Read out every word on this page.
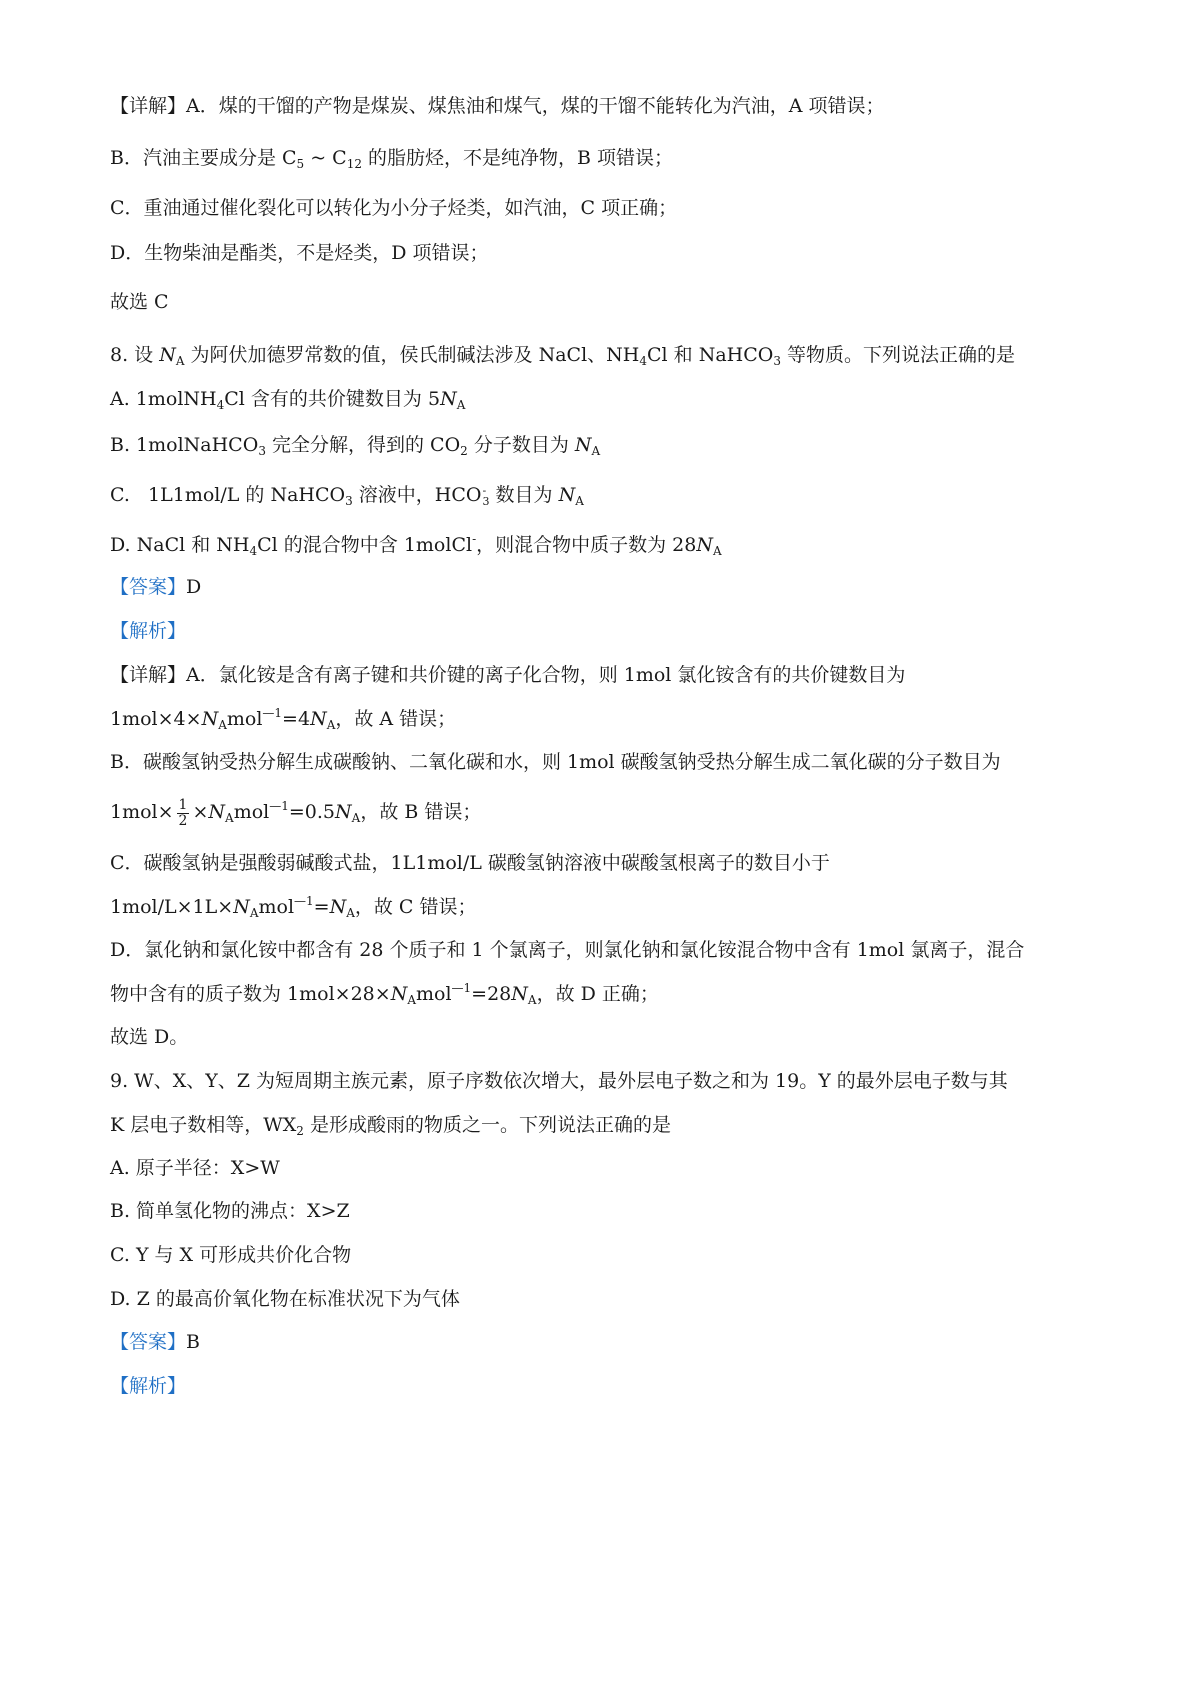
【详解】A．煤的干馏的产物是煤炭、煤焦油和煤气，煤的干馏不能转化为汽油，A 项错误；
B．汽油主要成分是 $C_5$ ~ $C_{12}$ 的脂肪烃，不是纯净物，B 项错误；
C．重油通过催化裂化可以转化为小分子烃类，如汽油，C 项正确；
D．生物柴油是酯类，不是烃类，D 项错误；
故选 C
8. 设 $N_A$ 为阿伏加德罗常数的值，侯氏制碱法涉及 NaCl、$NH_4Cl$ 和 NaHCO$_3$ 等物质。下列说法正确的是
A. 1molNH$_4$Cl 含有的共价键数目为 $5N_A$
B. 1molNaHCO$_3$ 完全分解，得到的 $CO_2$ 分子数目为 $N_A$
C.   1L1mol/L 的 NaHCO$_3$ 溶液中，HCO -
3 数目为 $N_A$
D. NaCl 和 $NH_4Cl$ 的混合物中含 1molCl-，则混合物中质子数为 $28N_A$
【答案】D
【解析】
【详解】A．氯化铵是含有离子键和共价键的离子化合物，则 1mol 氯化铵含有的共价键数目为
$1mol\times 4\times N_Amol^{—1}=4N_A$，故 A 错误；
B．碳酸氢钠受热分解生成碳酸钠、二氧化碳和水，则 1mol 碳酸氢钠受热分解生成二氧化碳的分子数目为
$1mol\times \frac{1}{2} \times N_Amol^{—1}=0.5N_A$，故 B 错误；
C．碳酸氢钠是强酸弱碱酸式盐，1L1mol/L 碳酸氢钠溶液中碳酸氢根离子的数目小于
$1mol/L\times 1L\times N_Amol^{—1}=N_A$，故 C 错误；
D．氯化钠和氯化铵中都含有 28 个质子和 1 个氯离子，则氯化钠和氯化铵混合物中含有 1mol 氯离子，混合
物中含有的质子数为 $1mol\times 28\times N_Amol^{—1}=28N_A$，故 D 正确；
故选 D。
9. W、X、Y、Z 为短周期主族元素，原子序数依次增大，最外层电子数之和为 19。Y 的最外层电子数与其
K 层电子数相等，$WX_2$ 是形成酸雨的物质之一。下列说法正确的是
A. 原子半径：X>W
B. 简单氢化物的沸点：X>Z
C. Y 与 X 可形成共价化合物
D. Z 的最高价氧化物在标准状况下为气体
【答案】B
【解析】
